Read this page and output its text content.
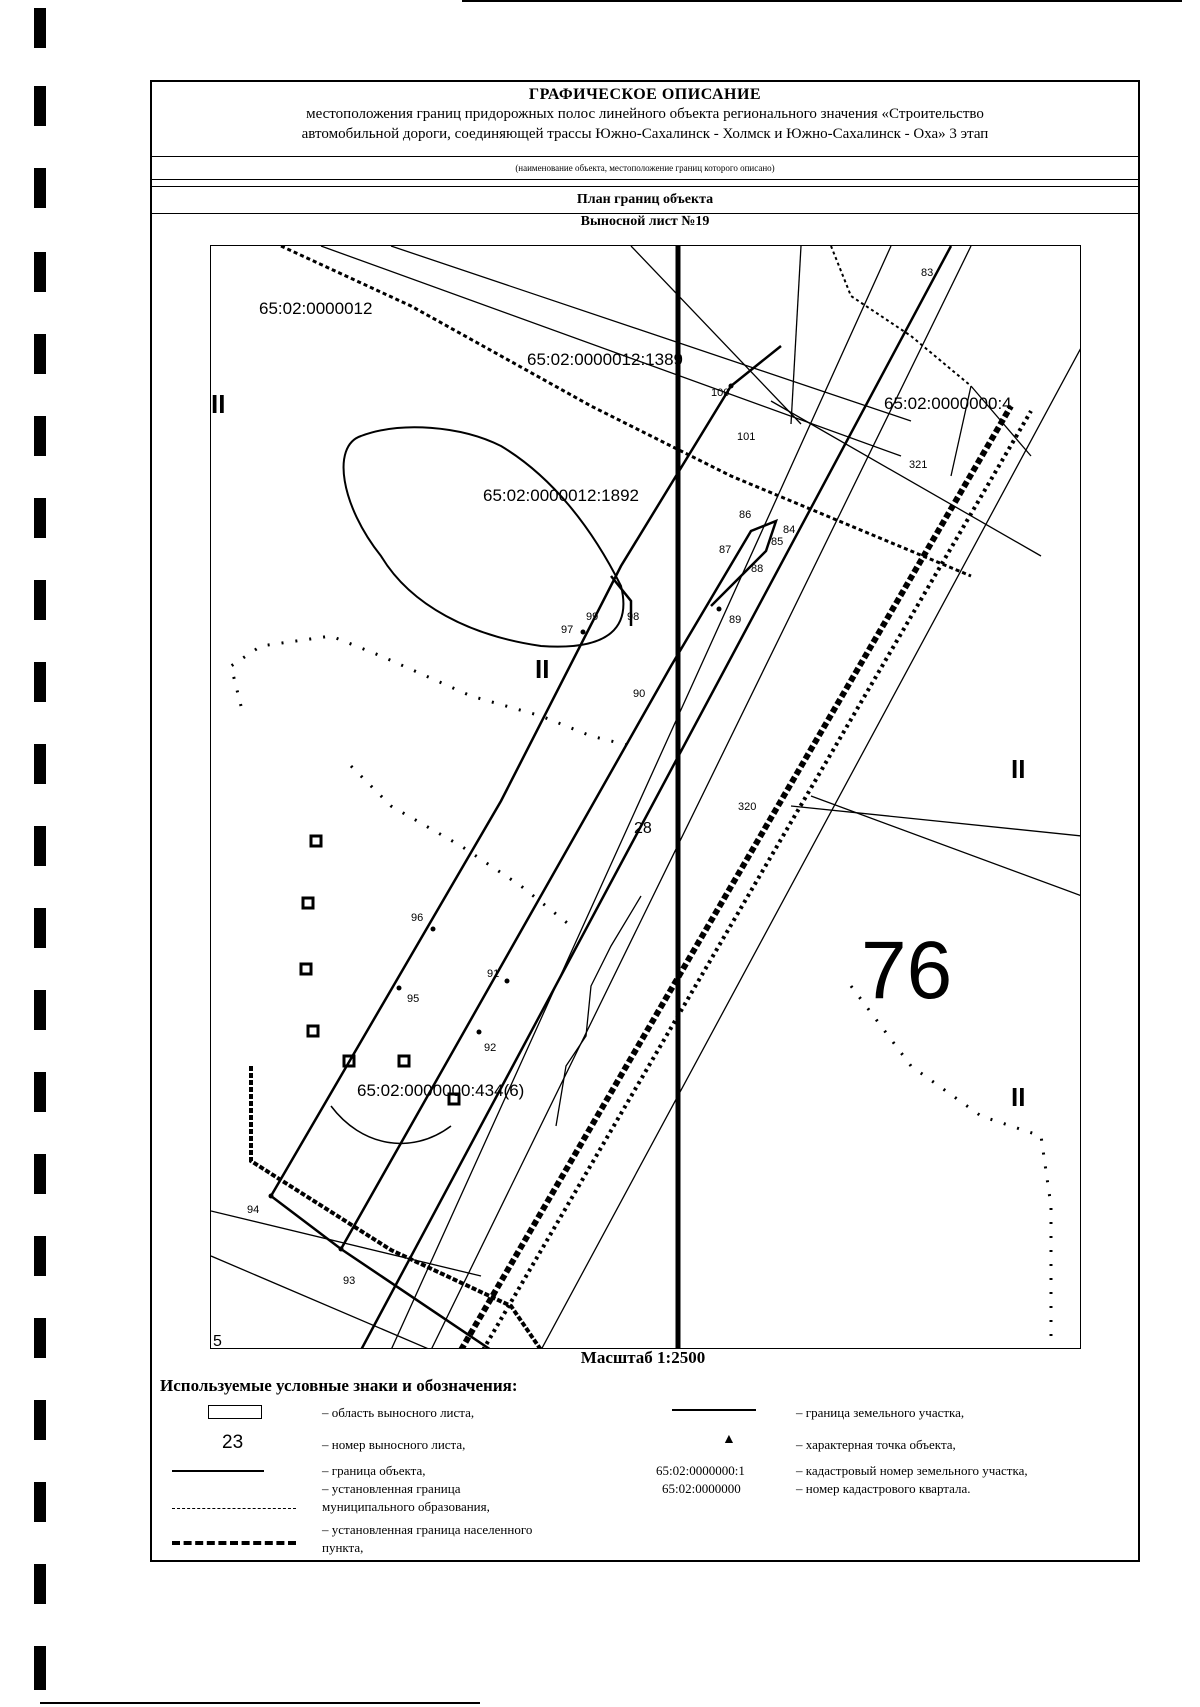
ГРАФИЧЕСКОЕ ОПИСАНИЕ
местоположения границ придорожных полос линейного объекта регионального значения «Строительство
автомобильной дороги, соединяющей трассы Южно-Сахалинск - Холмск и Южно-Сахалинск - Оха» 3 этап
(наименование объекта, местоположение границ которого описано)
План границ объекта
Выносной лист №19
65:02:0000012
65:02:0000012:1389
65:02:0000012:1892
65:02:0000000:434(6)
65:02:0000000:4
83
84
85
86
87
88
89
90
91
92
93
94
95
96
97
98
99
100
101
320
321
28
5
76
II
II
II
II
Масштаб 1:2500
Используемые условные знаки и обозначения:
– область выносного листа,
23	– номер выносного листа,
– граница объекта,
– установленная граница
муниципального образования,
– установленная граница населенного
пункта,
– граница земельного участка,
▲	– характерная точка объекта,
65:02:0000000:1	– кадастровый номер земельного участка,
65:02:0000000	– номер кадастрового квартала.
